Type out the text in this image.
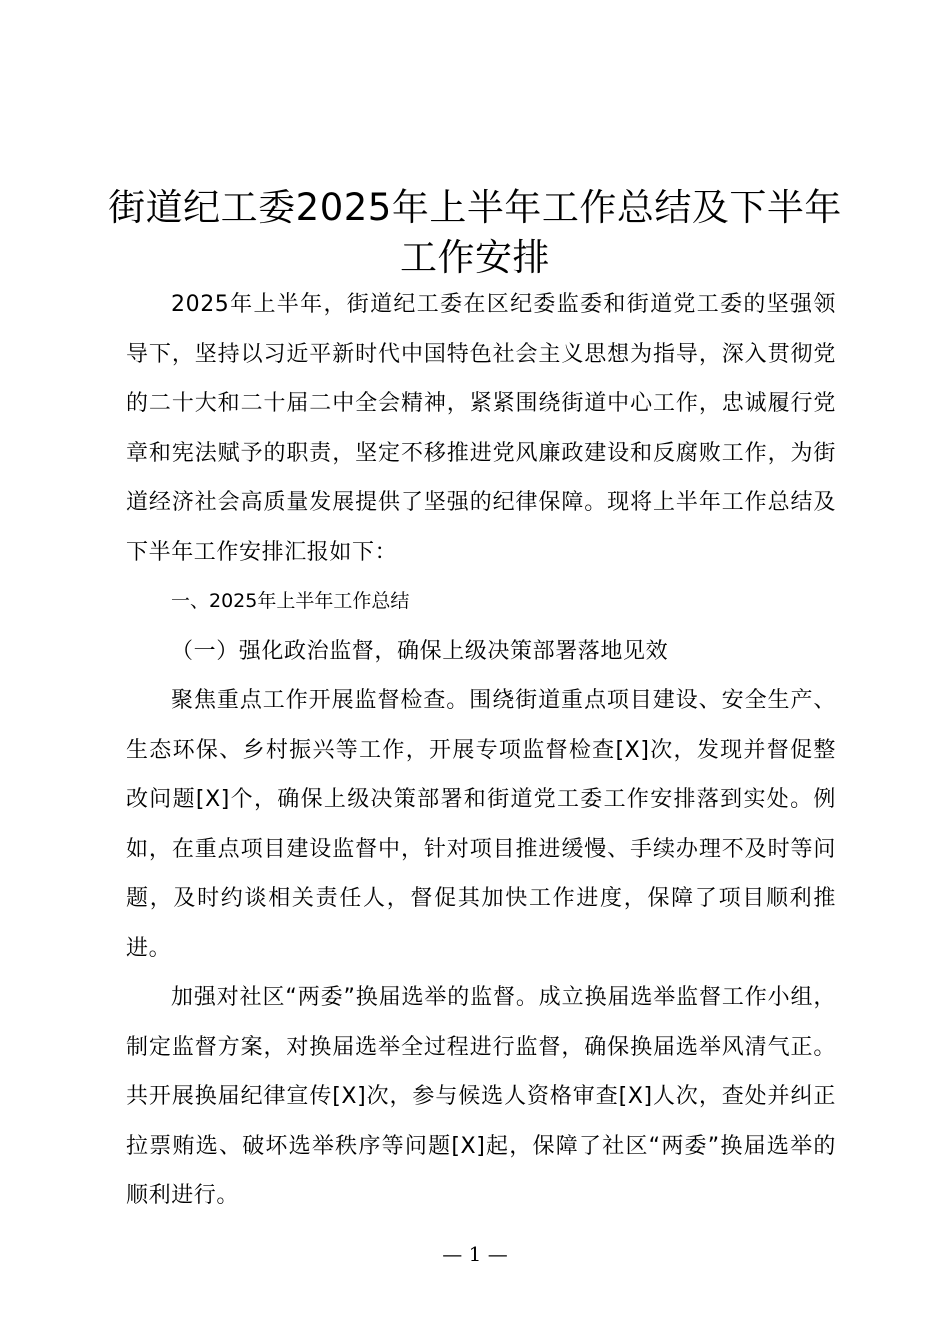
街道纪工委2025年上半年工作总结及下半年
工作安排

2025年上半年，街道纪工委在区纪委监委和街道党工委的坚强领导下，坚持以习近平新时代中国特色社会主义思想为指导，深入贯彻党的二十大和二十届二中全会精神，紧紧围绕街道中心工作，忠诚履行党章和宪法赋予的职责，坚定不移推进党风廉政建设和反腐败工作，为街道经济社会高质量发展提供了坚强的纪律保障。现将上半年工作总结及下半年工作安排汇报如下：

一、2025年上半年工作总结

（一）强化政治监督，确保上级决策部署落地见效

聚焦重点工作开展监督检查。围绕街道重点项目建设、安全生产、生态环保、乡村振兴等工作，开展专项监督检查[X]次，发现并督促整改问题[X]个，确保上级决策部署和街道党工委工作安排落到实处。例如，在重点项目建设监督中，针对项目推进缓慢、手续办理不及时等问题，及时约谈相关责任人，督促其加快工作进度，保障了项目顺利推进。

加强对社区“两委”换届选举的监督。成立换届选举监督工作小组，制定监督方案，对换届选举全过程进行监督，确保换届选举风清气正。共开展换届纪律宣传[X]次，参与候选人资格审查[X]人次，查处并纠正拉票贿选、破坏选举秩序等问题[X]起，保障了社区“两委”换届选举的顺利进行。

— 1 —
